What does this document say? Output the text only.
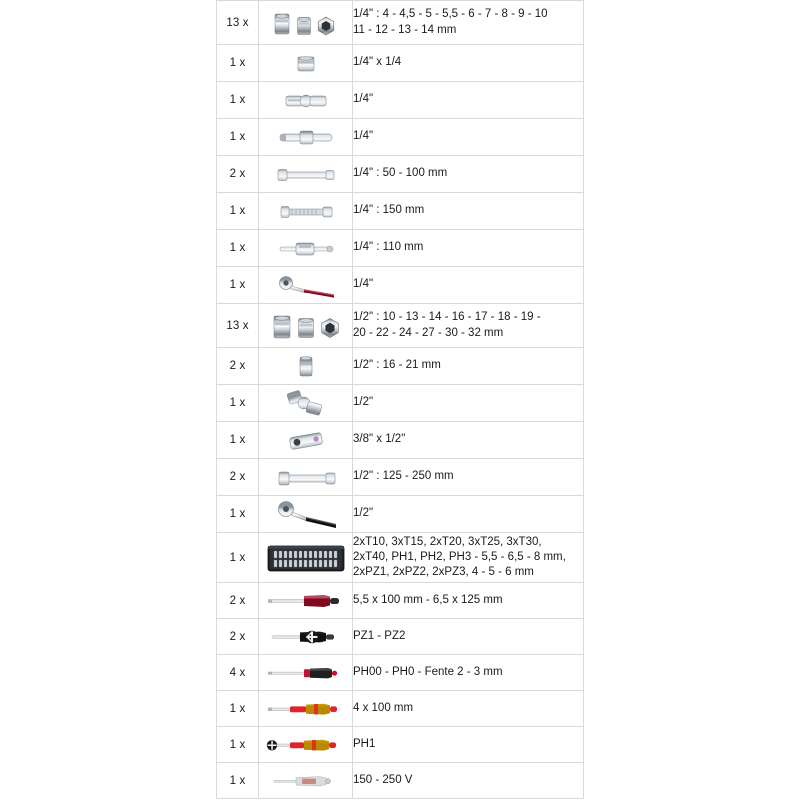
13 x		1/4" : 4 - 4,5 - 5 - 5,5 - 6 - 7 - 8 - 9 - 10
11 - 12 - 13 - 14 mm

1 x		1/4" x 1/4

1 x		1/4"

1 x		1/4"

2 x		1/4" : 50 - 100 mm

1 x		1/4" : 150 mm

1 x		1/4" : 110 mm

1 x		1/4"

13 x		1/2" : 10 - 13 - 14 - 16 - 17 - 18 - 19 -
20 - 22 - 24 - 27 - 30 - 32 mm

2 x		1/2" : 16 - 21 mm

1 x		1/2"

1 x		3/8" x 1/2"

2 x		1/2" : 125 - 250 mm

1 x		1/2"

1 x		2xT10, 3xT15, 2xT20, 3xT25, 3xT30,
2xT40, PH1, PH2, PH3 - 5,5 - 6,5 - 8 mm,
2xPZ1, 2xPZ2, 2xPZ3, 4 - 5 - 6 mm

2 x		5,5 x 100 mm - 6,5 x 125 mm

2 x		PZ1 - PZ2

4 x		PH00 - PH0 - Fente 2 - 3 mm

1 x		4 x 100 mm

1 x		PH1

1 x		150 - 250 V
